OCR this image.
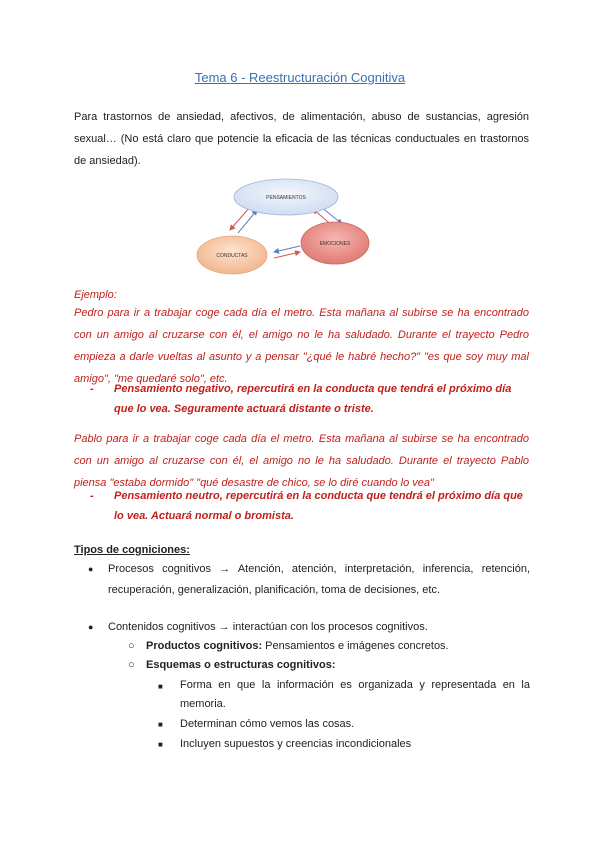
Tema 6 - Reestructuración Cognitiva
Para trastornos de ansiedad, afectivos, de alimentación, abuso de sustancias, agresión sexual… (No está claro que potencie la eficacia de las técnicas conductuales en trastornos de ansiedad).
PENSAMIENTOS
CONDUCTAS
EMOCIONES
Ejemplo:
Pedro para ir a trabajar coge cada día el metro. Esta mañana al subirse se ha encontrado con un amigo al cruzarse con él, el amigo no le ha saludado. Durante el trayecto Pedro empieza a darle vueltas al asunto y a pensar "¿qué le habré hecho?" "es que soy muy mal amigo", "me quedaré solo", etc.
- Pensamiento negativo, repercutirá en la conducta que tendrá el próximo día que lo vea. Seguramente actuará distante o triste.
Pablo para ir a trabajar coge cada día el metro. Esta mañana al subirse se ha encontrado con un amigo al cruzarse con él, el amigo no le ha saludado. Durante el trayecto Pablo piensa "estaba dormido" "qué desastre de chico, se lo diré cuando lo vea"
- Pensamiento neutro, repercutirá en la conducta que tendrá el próximo día que lo vea. Actuará normal o bromista.
Tipos de cogniciones:
● Procesos cognitivos → Atención, atención, interpretación, inferencia, retención, recuperación, generalización, planificación, toma de decisiones, etc.
● Contenidos cognitivos → interactúan con los procesos cognitivos.
○ Productos cognitivos: Pensamientos e imágenes concretos.
○ Esquemas o estructuras cognitivos:
■ Forma en que la información es organizada y representada en la memoria.
■ Determinan cómo vemos las cosas.
■ Incluyen supuestos y creencias incondicionales
